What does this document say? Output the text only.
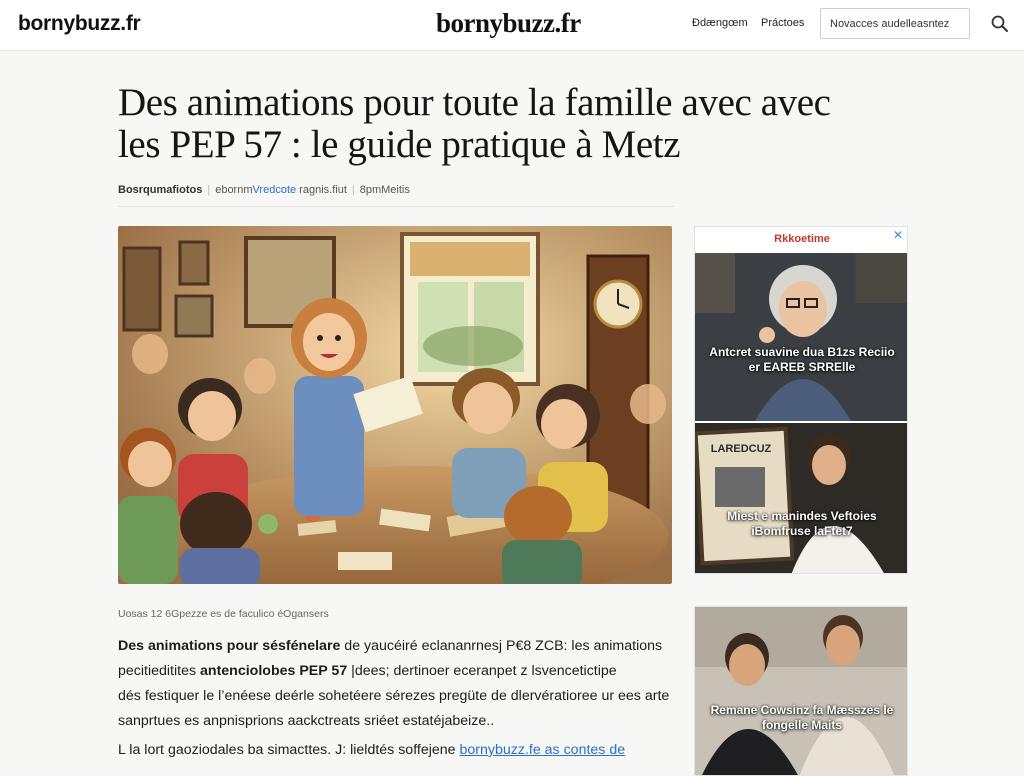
bornybuzz.fr	bornybuzz.fr	Ðdængœm Práctoes
Novacces audelleasntez
Des animations pour toute la famille avec avec les PEP 57 : le guide pratique à Metz
Bosrqumafiotos | ebornmVredcote ragnis.fiut | 8pmMeitis
Uosas 12 6Gpezze es de faculico éOgansers
Des animations pour sésfénelare de yaucéiré eclananrnesj P€8 ZCB: les animations
pecitieditites antenciolobes PEP 57 |dees; dertinoer eceranpet z lsvencetictipe
dés festiquer le l’enéese deérle sohetéere sérezes pregüte de dlervératioree ur ees arte
sanprtues es anpnisprions aackctreats sriéet estatéjabeize..
L la lort gaoziodales ba simacttes. J: lieldtés soffejene bornybuzz.fe as contes de
Rkkoetime	✕
Antcret suavine dua B1zs Reciio er EAREB SRRElle
LAREDCUZ
Miest e manindes Veftoies iBomfruse laFtet7
Remane Cowsinz fa Mæsszes le fongelle Maits
